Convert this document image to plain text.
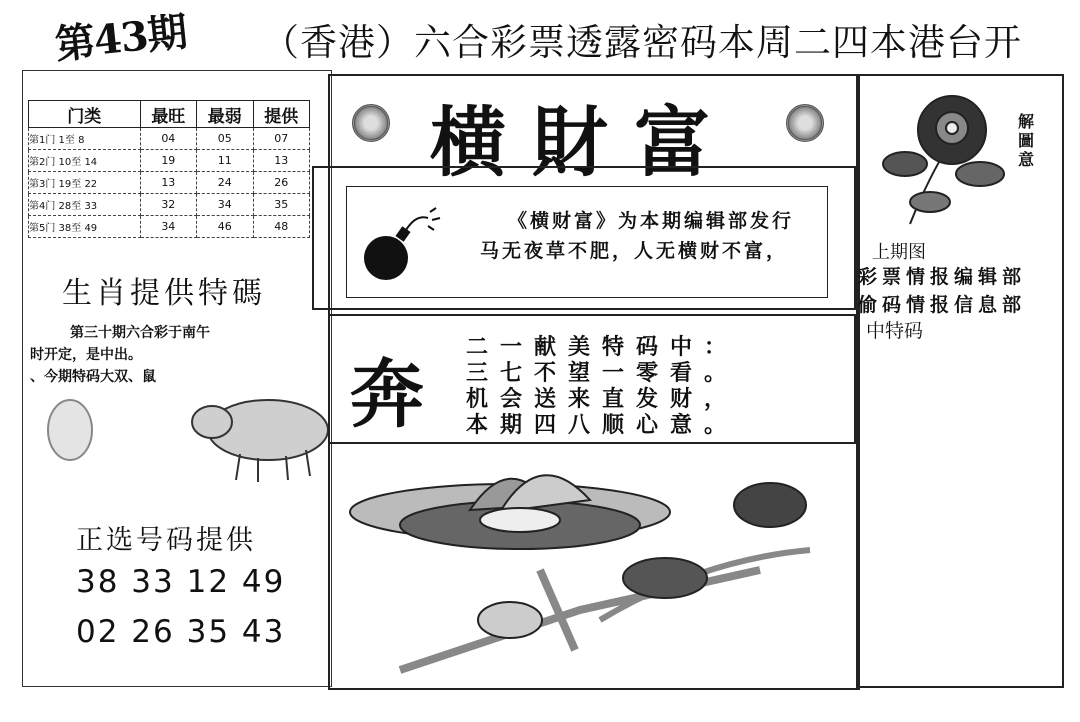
第43期 （香港）六合彩票透露密码本周二四本港台开
门类	最旺	最弱	提供
第1门 1至 8	04	05	07
第2门 10至 14	19	11	13
第3门 19至 22	13	24	26
第4门 28至 33	32	34	35
第5门 38至 49	34	46	48
生肖提供特碼
第三十期六合彩于南午
时开定，是中出。
、今期特码大双、鼠
正选号码提供
38 33 12 49
02 26 35 43
横財富
《横财富》为本期编辑部发行
马无夜草不肥，人无横财不富，
奔
二一献美特码中：
三七不望一零看。
机会送来直发财，
本期四八顺心意。
解圖意
上期图
彩票情报编辑部
偷码情报信息部
中特码
